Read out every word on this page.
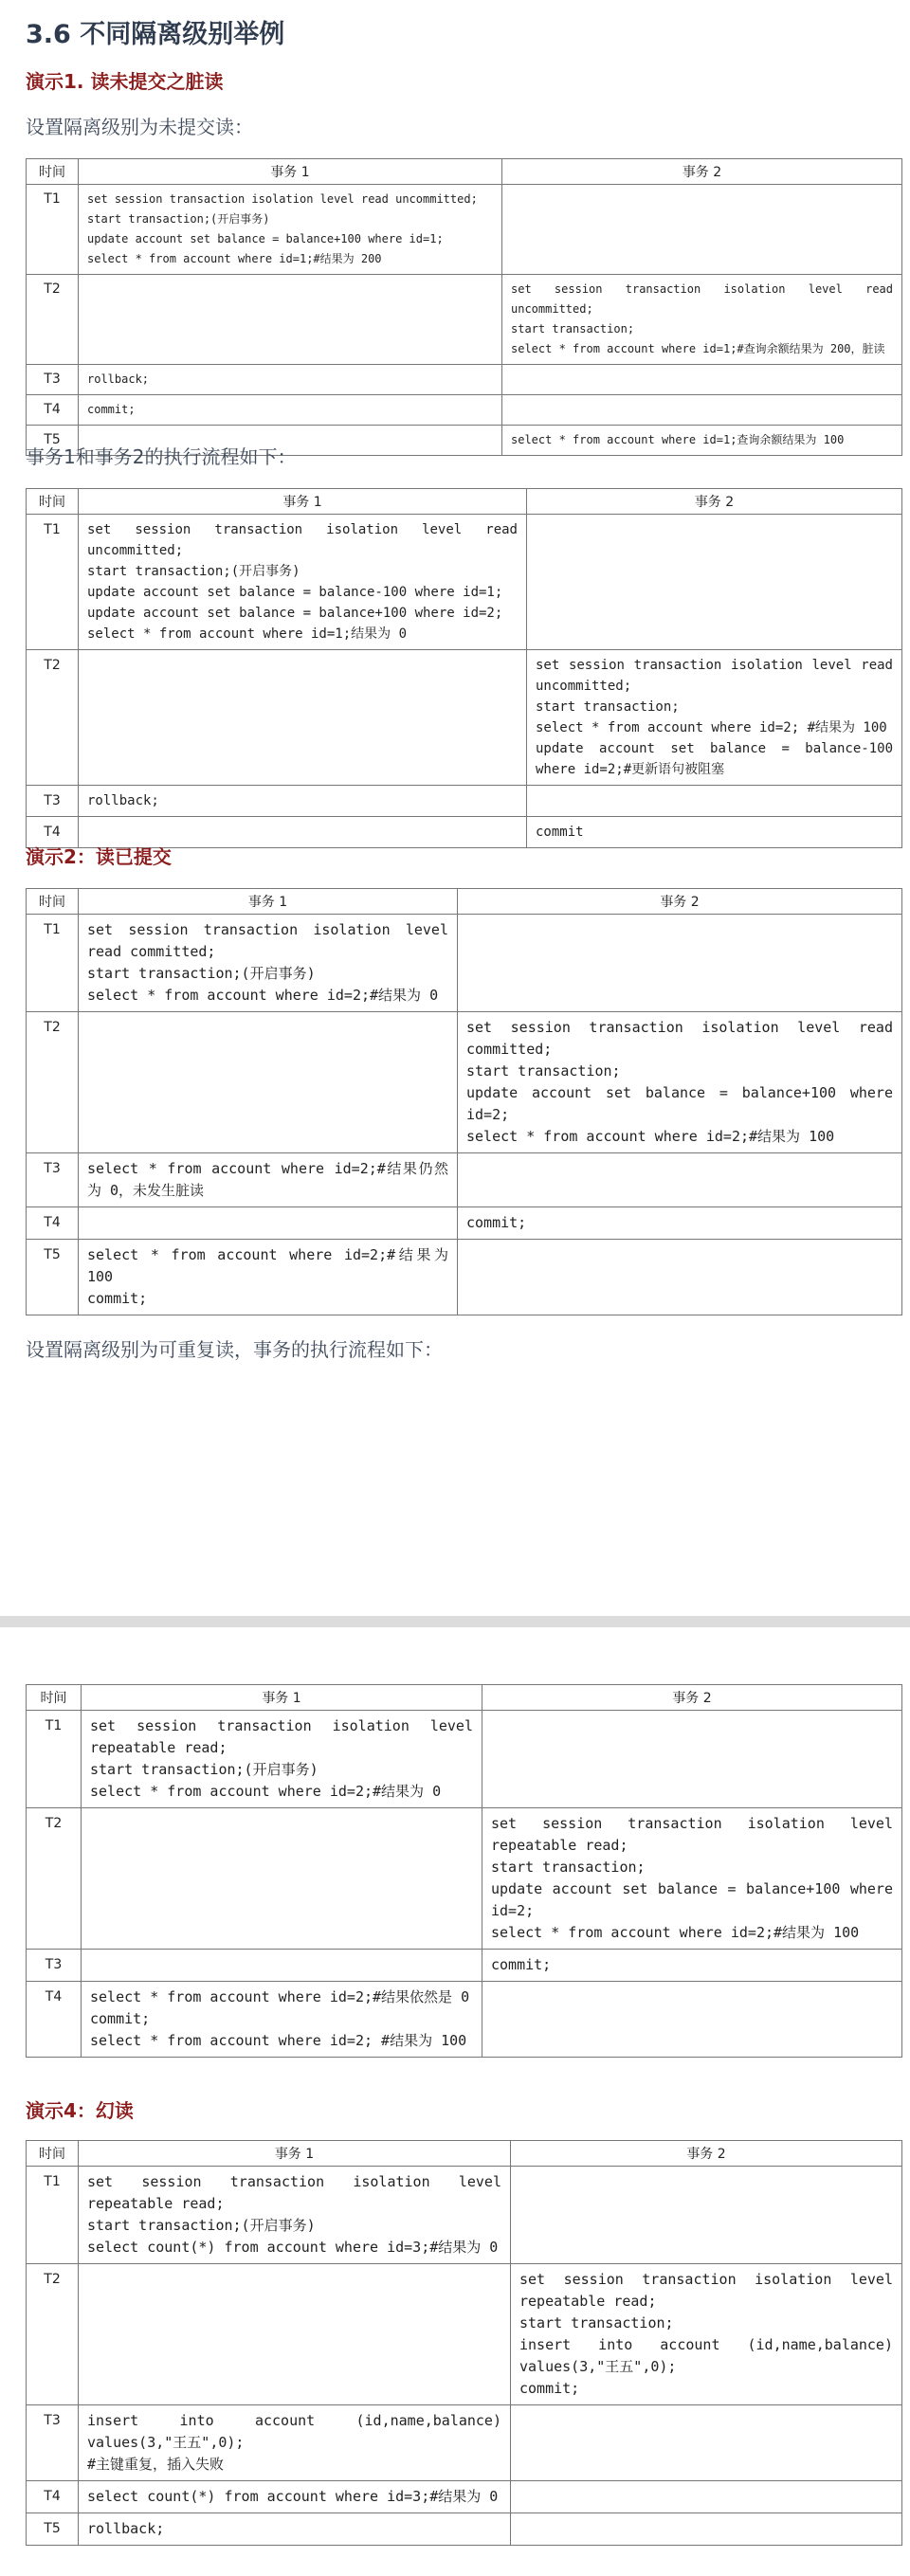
3.6 不同隔离级别举例
演示1. 读未提交之脏读
设置隔离级别为未提交读：
时间	事务 1	事务 2
T1	set session transaction isolation level read uncommitted;
start transaction;(开启事务)
update account set balance = balance+100 where id=1;
select * from account where id=1;#结果为 200	

T2		set session transaction isolation level read uncommitted;
start transaction;
select * from account where id=1;#查询余额结果为 200，脏读

T3	rollback;	

T4	commit;	

T5		select * from account where id=1;查询余额结果为 100
事务1和事务2的执行流程如下：
时间	事务 1	事务 2
T1	set session transaction isolation level read uncommitted;
start transaction;(开启事务)
update account set balance = balance-100 where id=1;
update account set balance = balance+100 where id=2;
select * from account where id=1;结果为 0	

T2		set session transaction isolation level read uncommitted;
start transaction;
select * from account where id=2; #结果为 100
update account set balance = balance-100 where id=2;#更新语句被阻塞

T3	rollback;	

T4		commit
演示2：读已提交
时间	事务 1	事务 2
T1	set session transaction isolation level read committed;
start transaction;(开启事务)
select * from account where id=2;#结果为 0	

T2		set session transaction isolation level read committed;
start transaction;
update account set balance = balance+100 where id=2;
select * from account where id=2;#结果为 100

T3	select * from account where id=2;#结果仍然为 0，未发生脏读	

T4		commit;

T5	select * from account where id=2;#结果为 100
commit;	

设置隔离级别为可重复读，事务的执行流程如下：
时间	事务 1	事务 2
T1	set session transaction isolation level repeatable read;
start transaction;(开启事务)
select * from account where id=2;#结果为 0	

T2		set session transaction isolation level repeatable read;
start transaction;
update account set balance = balance+100 where id=2;
select * from account where id=2;#结果为 100

T3		commit;

T4	select * from account where id=2;#结果依然是 0
commit;
select * from account where id=2; #结果为 100	

演示4：幻读
时间	事务 1	事务 2
T1	set session transaction isolation level repeatable read;
start transaction;(开启事务)
select count(*) from account where id=3;#结果为 0	

T2		set session transaction isolation level repeatable read;
start transaction;
insert into account (id,name,balance) values(3,"王五",0);
commit;

T3	insert into account (id,name,balance) values(3,"王五",0);
#主键重复，插入失败	

T4	select count(*) from account where id=3;#结果为 0	

T5	rollback;	
